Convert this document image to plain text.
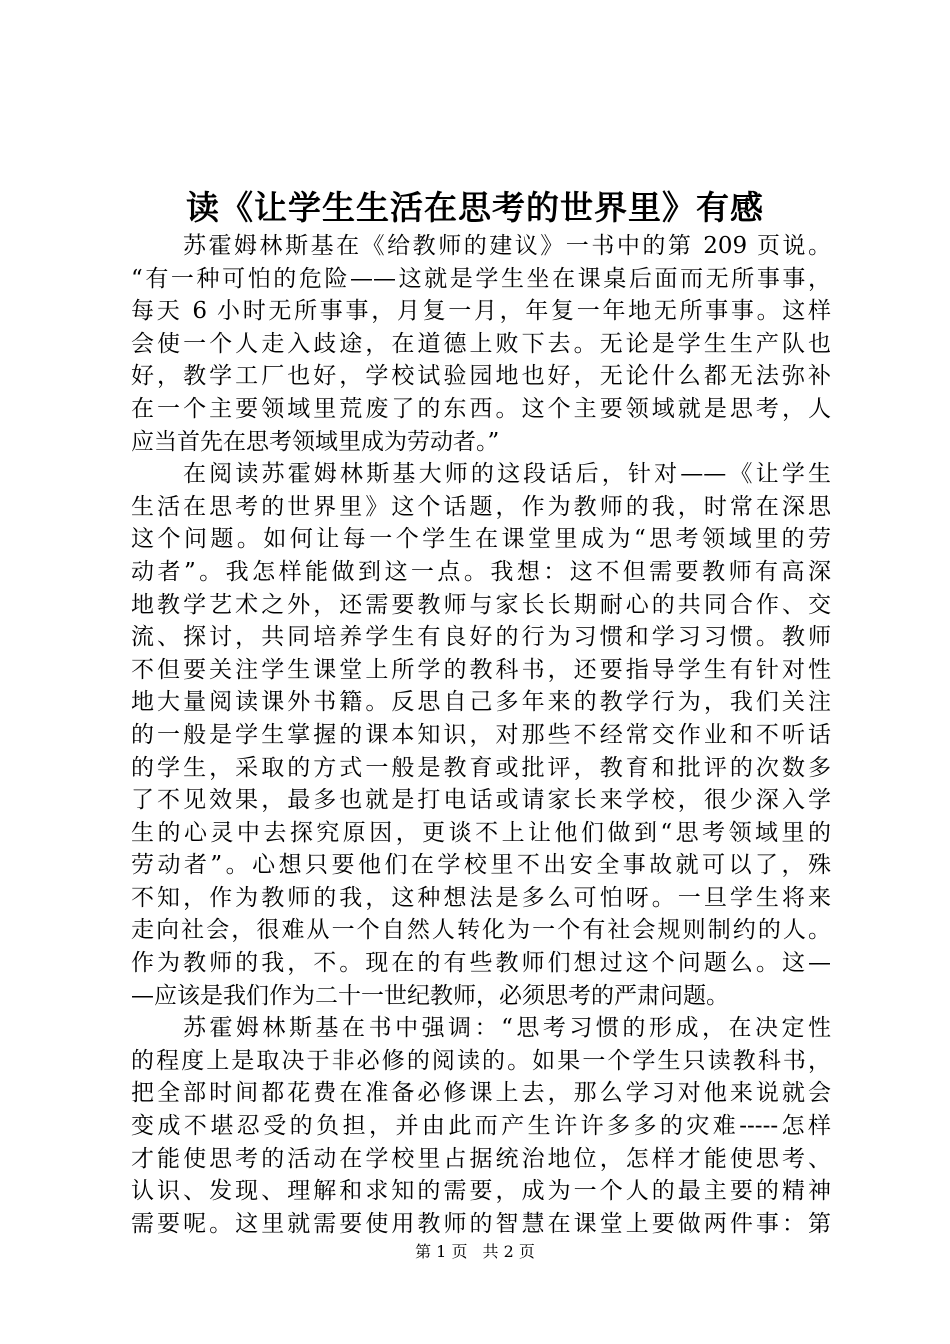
读《让学生生活在思考的世界里》有感
苏霍姆林斯基在《给教师的建议》一书中的第 209 页说。
“有一种可怕的危险——这就是学生坐在课桌后面而无所事事，
每天 6 小时无所事事，月复一月，年复一年地无所事事。这样
会使一个人走入歧途，在道德上败下去。无论是学生生产队也
好，教学工厂也好，学校试验园地也好，无论什么都无法弥补
在一个主要领域里荒废了的东西。这个主要领域就是思考，人
应当首先在思考领域里成为劳动者。”
在阅读苏霍姆林斯基大师的这段话后，针对——《让学生
生活在思考的世界里》这个话题，作为教师的我，时常在深思
这个问题。如何让每一个学生在课堂里成为“思考领域里的劳
动者”。我怎样能做到这一点。我想：这不但需要教师有高深
地教学艺术之外，还需要教师与家长长期耐心的共同合作、交
流、探讨，共同培养学生有良好的行为习惯和学习习惯。教师
不但要关注学生课堂上所学的教科书，还要指导学生有针对性
地大量阅读课外书籍。反思自己多年来的教学行为，我们关注
的一般是学生掌握的课本知识，对那些不经常交作业和不听话
的学生，采取的方式一般是教育或批评，教育和批评的次数多
了不见效果，最多也就是打电话或请家长来学校，很少深入学
生的心灵中去探究原因，更谈不上让他们做到“思考领域里的
劳动者”。心想只要他们在学校里不出安全事故就可以了，殊
不知，作为教师的我，这种想法是多么可怕呀。一旦学生将来
走向社会，很难从一个自然人转化为一个有社会规则制约的人。
作为教师的我，不。现在的有些教师们想过这个问题么。这—
—应该是我们作为二十一世纪教师，必须思考的严肃问题。
苏霍姆林斯基在书中强调：“思考习惯的形成，在决定性
的程度上是取决于非必修的阅读的。如果一个学生只读教科书，
把全部时间都花费在准备必修课上去，那么学习对他来说就会
变成不堪忍受的负担，并由此而产生许许多多的灾难-----怎样
才能使思考的活动在学校里占据统治地位，怎样才能使思考、
认识、发现、理解和求知的需要，成为一个人的最主要的精神
需要呢。这里就需要使用教师的智慧在课堂上要做两件事：第
第 1 页 共 2 页
